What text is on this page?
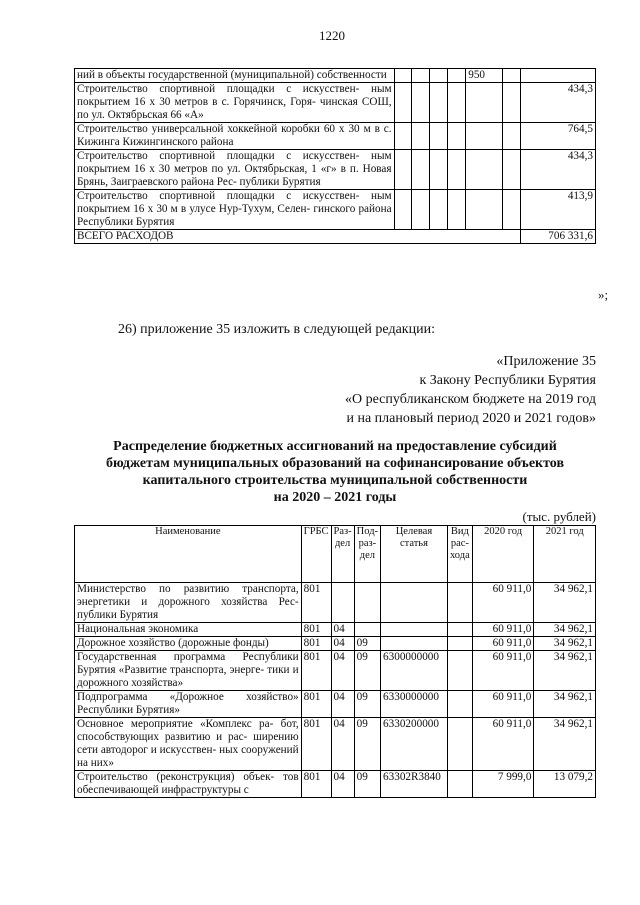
1220
ний в объекты государственной (муниципальной) собственности					950		
Строительство спортивной площадки с искусствен- ным покрытием 16 х 30 метров в с. Горячинск, Горя- чинская СОШ, по ул. Октябрьская 66 «А»							434,3
Строительство универсальной хоккейной коробки 60 х 30 м в с. Кижинга Кижингинского района							764,5
Строительство спортивной площадки с искусствен- ным покрытием 16 х 30 метров по ул. Октябрьская, 1 «г» в п. Новая Брянь, Заиграевского района Рес- публики Бурятия							434,3
Строительство спортивной площадки с искусствен- ным покрытием 16 х 30 м в улусе Нур-Тухум, Селен- гинского района Республики Бурятия							413,9
ВСЕГО РАСХОДОВ							706 331,6
»;
26) приложение 35 изложить в следующей редакции:
«Приложение 35
к Закону Республики Бурятия
«О республиканском бюджете на 2019 год
и на плановый период 2020 и 2021 годов»
Распределение бюджетных ассигнований на предоставление субсидий
бюджетам муниципальных образований на софинансирование объектов
капитального строительства муниципальной собственности
на 2020 – 2021 годы
(тыс. рублей)
Наименование	ГРБС	Раз- дел	Под- раз- дел	Целевая статья	Вид рас- хода	2020 год	2021 год
Министерство по развитию транспорта, энергетики и дорожного хозяйства Рес- публики Бурятия	801					60 911,0	34 962,1
Национальная экономика	801	04				60 911,0	34 962,1
Дорожное хозяйство (дорожные фонды)	801	04	09			60 911,0	34 962,1
Государственная программа Республики Бурятия «Развитие транспорта, энерге- тики и дорожного хозяйства»	801	04	09	6300000000		60 911,0	34 962,1
Подпрограмма «Дорожное хозяйство» Республики Бурятия»	801	04	09	6330000000		60 911,0	34 962,1
Основное мероприятие «Комплекс ра- бот, способствующих развитию и рас- ширению сети автодорог и искусствен- ных сооружений на них»	801	04	09	6330200000		60 911,0	34 962,1
Строительство (реконструкция) объек- тов обеспечивающей инфраструктуры с	801	04	09	63302R3840		7 999,0	13 079,2
